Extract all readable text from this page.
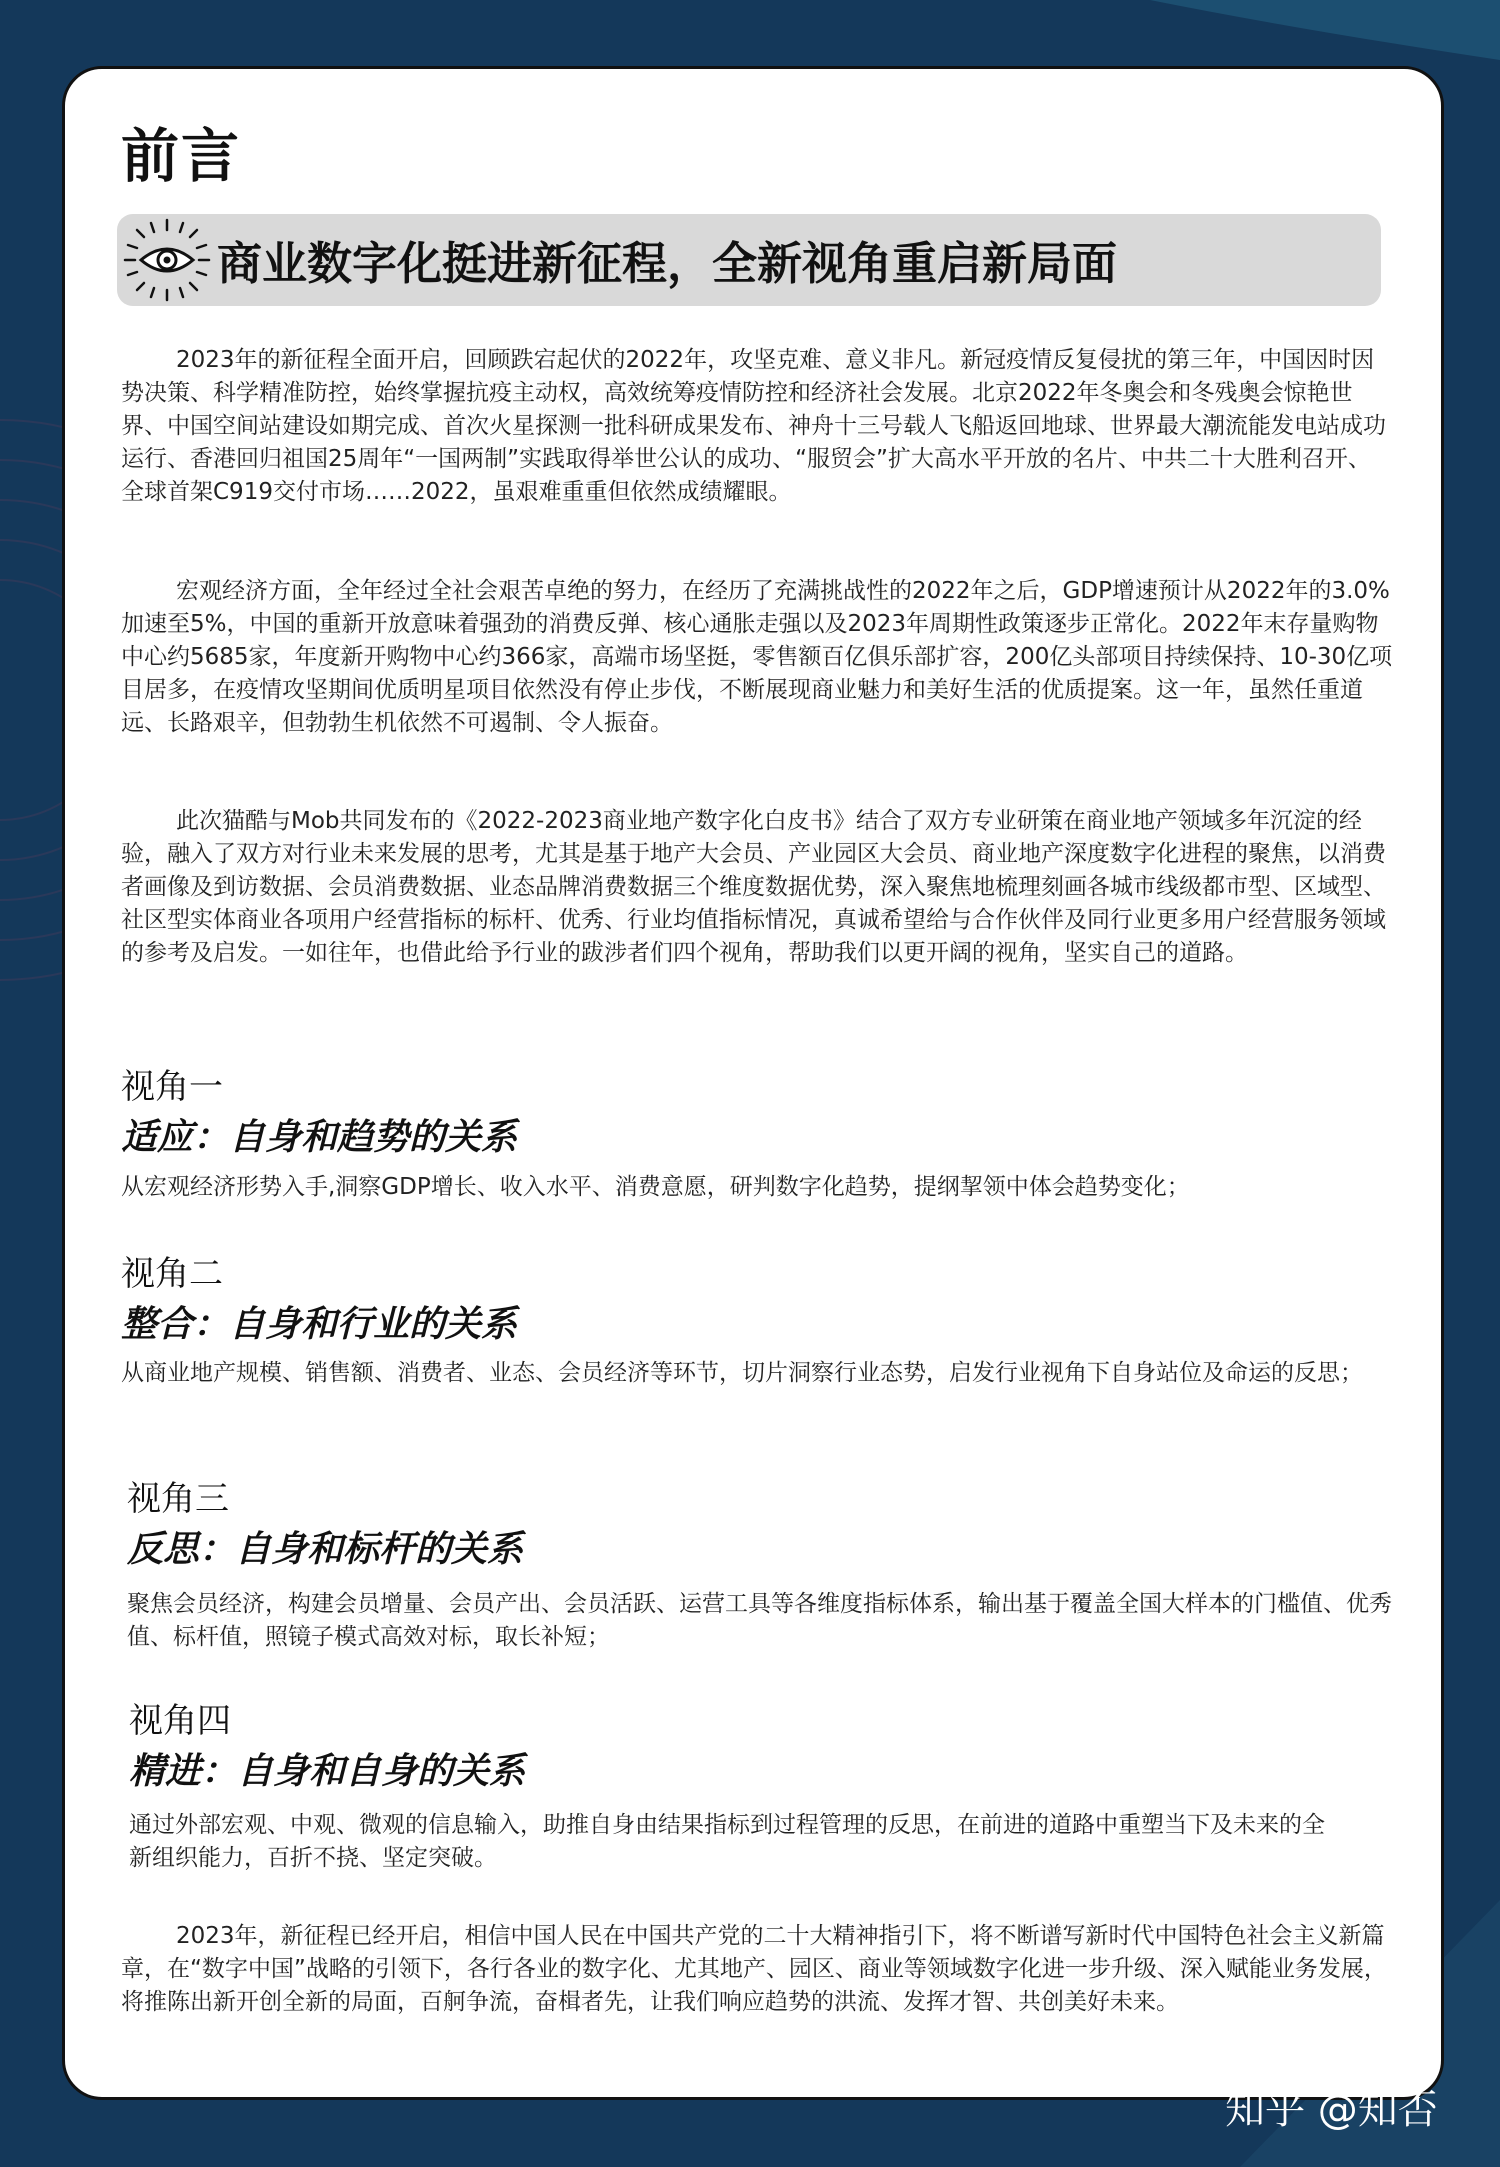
前言
商业数字化挺进新征程，全新视角重启新局面

2023年的新征程全面开启，回顾跌宕起伏的2022年，攻坚克难、意义非凡。新冠疫情反复侵扰的第三年，中国因时因势决策、科学精准防控，始终掌握抗疫主动权，高效统筹疫情防控和经济社会发展。北京2022年冬奥会和冬残奥会惊艳世界、中国空间站建设如期完成、首次火星探测一批科研成果发布、神舟十三号载人飞船返回地球、世界最大潮流能发电站成功运行、香港回归祖国25周年“一国两制”实践取得举世公认的成功、“服贸会”扩大高水平开放的名片、中共二十大胜利召开、全球首架C919交付市场……2022，虽艰难重重但依然成绩耀眼。

宏观经济方面，全年经过全社会艰苦卓绝的努力，在经历了充满挑战性的2022年之后，GDP增速预计从2022年的3.0%加速至5%，中国的重新开放意味着强劲的消费反弹、核心通胀走强以及2023年周期性政策逐步正常化。2022年末存量购物中心约5685家，年度新开购物中心约366家，高端市场坚挺，零售额百亿俱乐部扩容，200亿头部项目持续保持、10-30亿项目居多，在疫情攻坚期间优质明星项目依然没有停止步伐，不断展现商业魅力和美好生活的优质提案。这一年，虽然任重道远、长路艰辛，但勃勃生机依然不可遏制、令人振奋。

此次猫酷与Mob共同发布的《2022-2023商业地产数字化白皮书》结合了双方专业研策在商业地产领域多年沉淀的经验，融入了双方对行业未来发展的思考，尤其是基于地产大会员、产业园区大会员、商业地产深度数字化进程的聚焦，以消费者画像及到访数据、会员消费数据、业态品牌消费数据三个维度数据优势，深入聚焦地梳理刻画各城市线级都市型、区域型、社区型实体商业各项用户经营指标的标杆、优秀、行业均值指标情况，真诚希望给与合作伙伴及同行业更多用户经营服务领域的参考及启发。一如往年，也借此给予行业的跋涉者们四个视角，帮助我们以更开阔的视角，坚实自己的道路。

视角一
适应：自身和趋势的关系

从宏观经济形势入手,洞察GDP增长、收入水平、消费意愿，研判数字化趋势，提纲挈领中体会趋势变化；

视角二
整合：自身和行业的关系

从商业地产规模、销售额、消费者、业态、会员经济等环节，切片洞察行业态势，启发行业视角下自身站位及命运的反思；

视角三
反思：自身和标杆的关系

聚焦会员经济，构建会员增量、会员产出、会员活跃、运营工具等各维度指标体系，输出基于覆盖全国大样本的门槛值、优秀值、标杆值，照镜子模式高效对标，取长补短；

视角四
精进：自身和自身的关系

通过外部宏观、中观、微观的信息输入，助推自身由结果指标到过程管理的反思，在前进的道路中重塑当下及未来的全新组织能力，百折不挠、坚定突破。

2023年，新征程已经开启，相信中国人民在中国共产党的二十大精神指引下，将不断谱写新时代中国特色社会主义新篇章，在“数字中国”战略的引领下，各行各业的数字化、尤其地产、园区、商业等领域数字化进一步升级、深入赋能业务发展，将推陈出新开创全新的局面，百舸争流，奋楫者先，让我们响应趋势的洪流、发挥才智、共创美好未来。

知乎 @知否
